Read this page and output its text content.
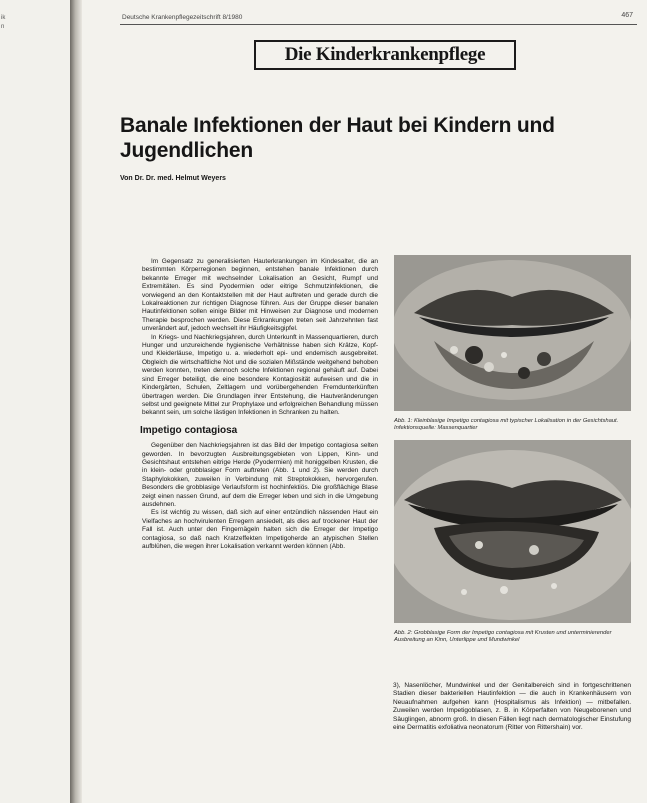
ik
n
Deutsche Krankenpflegezeitschrift 8/1980	467
Die Kinderkrankenpflege
Banale Infektionen der Haut bei Kindern und Jugendlichen
Von Dr. Dr. med. Helmut Weyers

Im Gegensatz zu generalisierten Hauterkrankungen im Kindesalter, die an bestimmten Körperregionen beginnen, entstehen banale Infektionen durch bekannte Erreger mit wechselnder Lokalisation an Gesicht, Rumpf und Extremitäten. Es sind Pyodermien oder eitrige Schmutzinfektionen, die vorwiegend an den Kontaktstellen mit der Haut auftreten und gerade durch die Lokalreaktionen zur richtigen Diagnose führen. Aus der Gruppe dieser banalen Hautinfektionen sollen einige Bilder mit Hinweisen zur Diagnose und modernen Therapie besprochen werden. Diese Erkrankungen treten seit Jahrzehnten fast unverändert auf, jedoch wechselt ihr Häufigkeitsgipfel.

In Kriegs- und Nachkriegsjahren, durch Unterkunft in Massenquartieren, durch Hunger und unzureichende hygienische Verhältnisse haben sich Krätze, Kopf- und Kleiderläuse, Impetigo u. a. wiederholt epi- und endemisch ausgebreitet. Obgleich die wirtschaftliche Not und die sozialen Mißstände weitgehend behoben werden konnten, treten dennoch solche Infektionen regional gehäuft auf. Dabei sind Erreger beteiligt, die eine besondere Kontagiosität aufweisen und die in Kindergärten, Schulen, Zeltlagern und vorübergehenden Fremdunterkünften übertragen werden. Die Grundlagen ihrer Entstehung, die Hautveränderungen selbst und geeignete Mittel zur Prophylaxe und erfolgreichen Behandlung müssen bekannt sein, um solche lästigen Infektionen in Schranken zu halten.

Impetigo contagiosa

Gegenüber den Nachkriegsjahren ist das Bild der Impetigo contagiosa selten geworden. In bevorzugten Ausbreitungsgebieten von Lippen, Kinn- und Gesichtshaut entstehen eitrige Herde (Pyodermien) mit honiggelben Krusten, die in klein- oder grobblasiger Form auftreten (Abb. 1 und 2). Sie werden durch Staphylokokken, zuweilen in Verbindung mit Streptokokken, hervorgerufen. Besonders die grobblasige Verlaufsform ist hochinfektiös. Die großflächige Blase zeigt einen nassen Grund, auf dem die Erreger leben und sich in die Umgebung ausdehnen.

Es ist wichtig zu wissen, daß sich auf einer entzündlich nässenden Haut ein Vielfaches an hochvirulenten Erregern ansiedelt, als dies auf trockener Haut der Fall ist. Auch unter den Fingernägeln halten sich die Erreger der Impetigo contagiosa, so daß nach Kratzeffekten Impetigoherde an atypischen Stellen aufblühen, die wegen ihrer Lokalisation verkannt werden können (Abb.

Abb. 1: Kleinblasige Impetigo contagiosa mit typischer Lokalisation in der Gesichtshaut. Infektionsquelle: Massenquartier
Abb. 2: Grobblasige Form der Impetigo contagiosa mit Krusten und unterminierender Ausbreitung an Kinn, Unterlippe und Mundwinkel

3), Nasenlöcher, Mundwinkel und der Genitalbereich sind in fortgeschrittenen Stadien dieser bakteriellen Hautinfektion — die auch in Krankenhäusern von Neuaufnahmen aufgehen kann (Hospitalismus als Infektion) — mitbefallen. Zuweilen werden Impetigoblasen, z. B. in Körperfalten von Neugeborenen und Säuglingen, abnorm groß. In diesen Fällen liegt nach dermatologischer Einstufung eine Dermatitis exfoliativa neonatorum (Ritter von Rittershain) vor.
